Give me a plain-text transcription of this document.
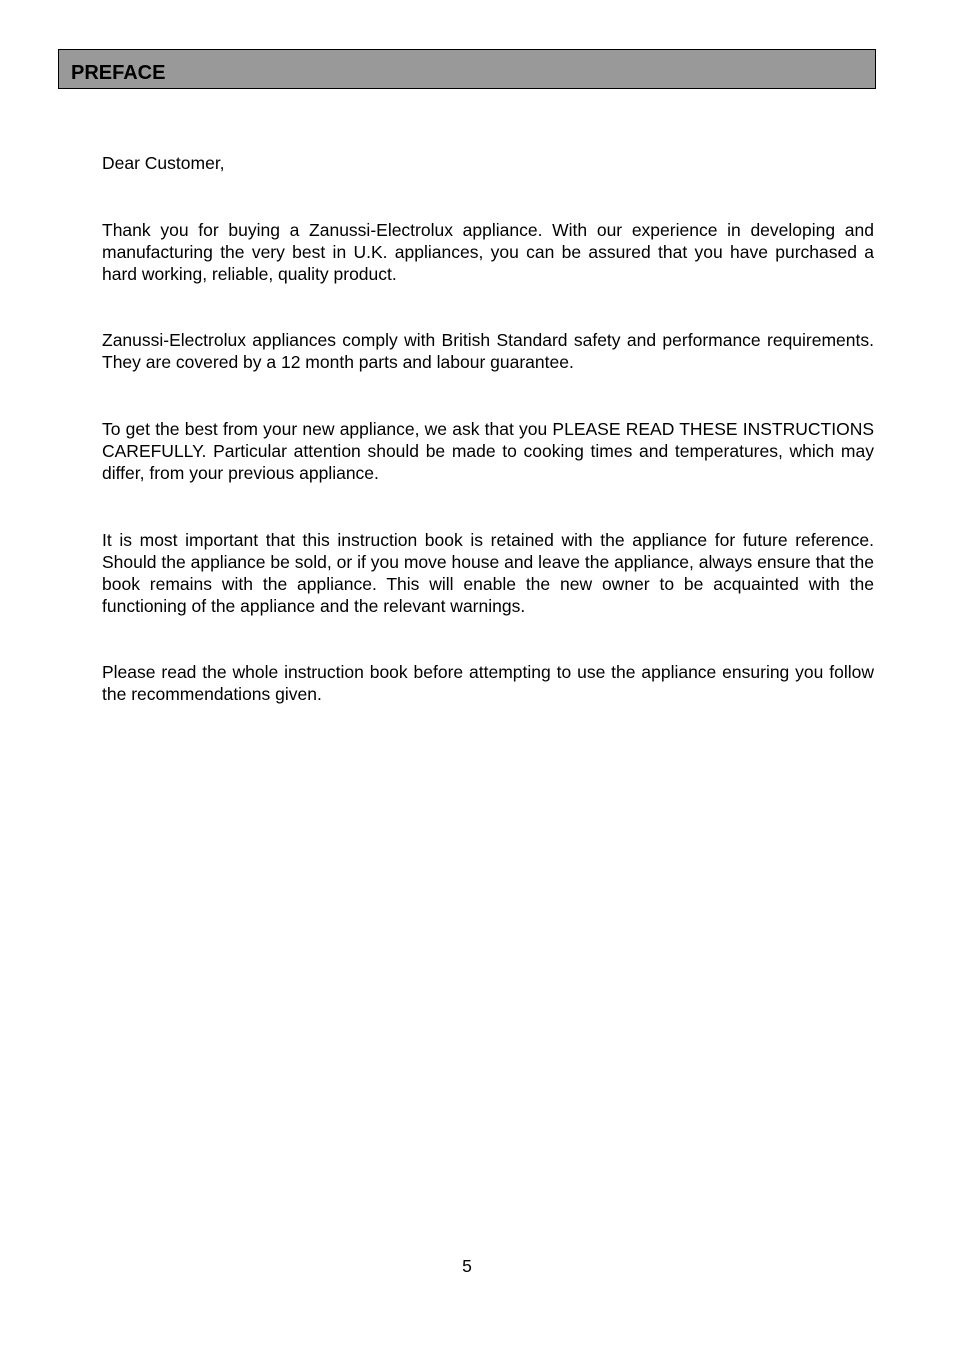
PREFACE

Dear Customer,

Thank you for buying a Zanussi-Electrolux appliance. With our experience in developing and manufacturing the very best in U.K. appliances, you can be assured that you have purchased a hard working, reliable, quality product.

Zanussi-Electrolux appliances comply with British Standard safety and performance requirements. They are covered by a 12 month parts and labour guarantee.

To get the best from your new appliance, we ask that you PLEASE READ THESE INSTRUCTIONS CAREFULLY. Particular attention should be made to cooking times and temperatures, which may differ, from your previous appliance.

It is most important that this instruction book is retained with the appliance for future reference. Should the appliance be sold, or if you move house and leave the appliance, always ensure that the book remains with the appliance. This will enable the new owner to be acquainted with the functioning of the appliance and the relevant warnings.

Please read the whole instruction book before attempting to use the appliance ensuring you follow the recommendations given.

5
